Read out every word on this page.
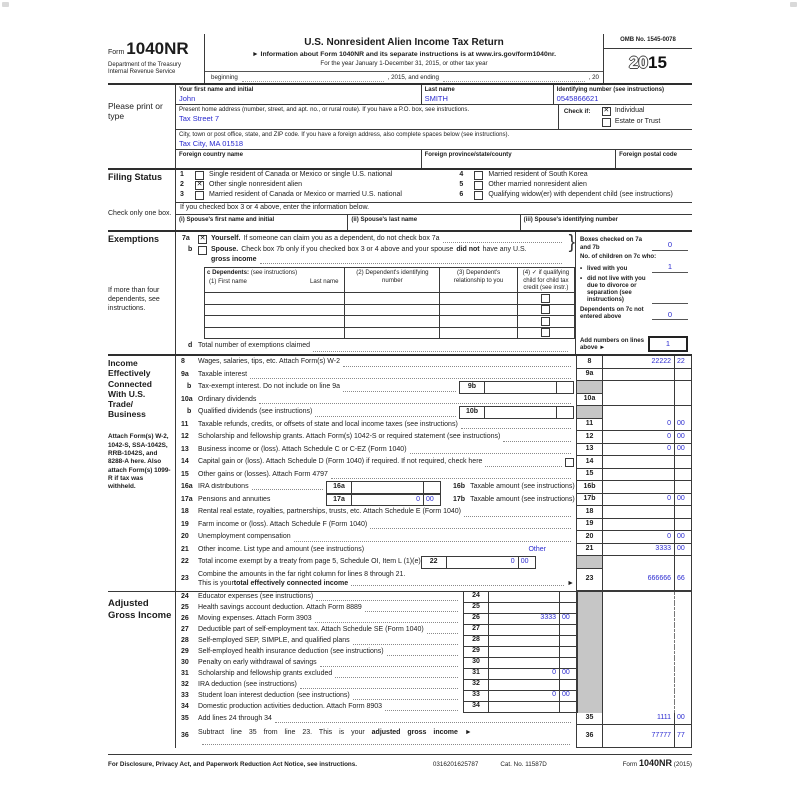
Form 1040NR
Department of the Treasury
Internal Revenue Service
U.S. Nonresident Alien Income Tax Return
► Information about Form 1040NR and its separate instructions is at www.irs.gov/form1040nr.
For the year January 1-December 31, 2015, or other tax year
beginning	, 2015, and ending	, 20
OMB No. 1545-0078
2015
Please print or type
Your first name and initial
John
Last name
SMITH
Identifying number (see instructions)
0545866621
Present home address (number, street, and apt. no., or rural route). If you have a P.O. box, see instructions.
Tax Street 7
Check if: ✕	Individual
Estate or Trust
City, town or post office, state, and ZIP code. If you have a foreign address, also complete spaces below (see instructions).
Tax City, MA 01518
Foreign country name	Foreign province/state/county	Foreign postal code
Filing Status
Check only one box.
1	Single resident of Canada or Mexico or single U.S. national	4	Married resident of South Korea
2 ✕	Other single nonresident alien	5	Other married nonresident alien
3	Married resident of Canada or Mexico or married U.S. national	6	Qualifying widow(er) with dependent child (see instructions)
If you checked box 3 or 4 above, enter the information below.
(i) Spouse's first name and initial	(ii) Spouse's last name	(iii) Spouse's identifying number
Exemptions
If more than four dependents, see instructions.
}
7a ✕	Yourself. If someone can claim you as a dependent, do not check box 7a
b	Spouse. Check box 7b only if you checked box 3 or 4 above and your spouse did not have any U.S.
gross income
c Dependents: (see instructions)
(1) First name	Last name
(2) Dependent's identifying number
(3) Dependent's relationship to you
(4) ✓ if qualifying child for child tax credit (see instr.)
d Total number of exemptions claimed
Boxes checked on 7a and 7b	0
No. of children on 7c who:
• lived with you	1
• did not live with you due to divorce or separation (see instructions)
Dependents on 7c not entered above	0
Add numbers on lines above ►	1
Income Effectively Connected With U.S. Trade/ Business
Attach Form(s) W-2, 1042-S, SSA-1042S, RRB-1042S, and 8288-A here. Also attach Form(s) 1099-R if tax was withheld.
8	Wages, salaries, tips, etc. Attach Form(s) W-2	8	22222 22
9a	Taxable interest	9a
b Tax-exempt interest. Do not include on line 9a	9b
10a Ordinary dividends	10a
b Qualified dividends (see instructions)	10b
11	Taxable refunds, credits, or offsets of state and local income taxes (see instructions)	11	0 00
12	Scholarship and fellowship grants. Attach Form(s) 1042-S or required statement (see instructions)	12	0 00
13	Business income or (loss). Attach Schedule C or C-EZ (Form 1040)	13	0 00
14	Capital gain or (loss). Attach Schedule D (Form 1040) if required. If not required, check here	14
15	Other gains or (losses). Attach Form 4797	15
16a IRA distributions	16a	16b Taxable amount (see instructions)	16b
17a Pensions and annuities	17a	0 00	17b Taxable amount (see instructions)	17b	0 00
18	Rental real estate, royalties, partnerships, trusts, etc. Attach Schedule E (Form 1040)	18
19	Farm income or (loss). Attach Schedule F (Form 1040)	19
20	Unemployment compensation	20	0 00
21	Other income. List type and amount (see instructions)	Other	21	3333 00
22	Total income exempt by a treaty from page 5, Schedule OI, Item L (1)(e)	22	0 00
23
Combine the amounts in the far right column for lines 8 through 21.
This is your total effectively connected income	►
23	666666 66
Adjusted Gross Income
24	Educator expenses (see instructions)	24
25	Health savings account deduction. Attach Form 8889	25
26	Moving expenses. Attach Form 3903	26	3333 00
27	Deductible part of self-employment tax. Attach Schedule SE (Form 1040)	27
28	Self-employed SEP, SIMPLE, and qualified plans	28
29	Self-employed health insurance deduction (see instructions)	29
30	Penalty on early withdrawal of savings	30
31	Scholarship and fellowship grants excluded	31	0 00
32	IRA deduction (see instructions)	32
33	Student loan interest deduction (see instructions)	33	0 00
34	Domestic production activities deduction. Attach Form 8903	34
35	Add lines 24 through 34	35	1111 00
36	Subtract line 35 from line 23. This is your adjusted gross income ►	36	77777 77
For Disclosure, Privacy Act, and Paperwork Reduction Act Notice, see instructions.	0316201625787	Cat. No. 11587D	Form 1040NR (2015)
